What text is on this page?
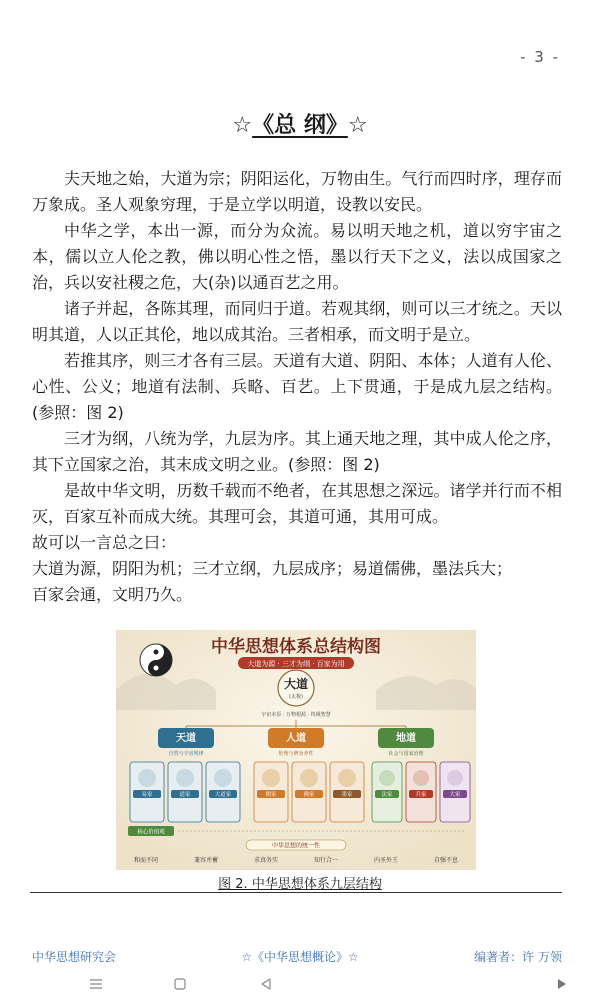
- 3 -
☆《总 纲》☆

夫天地之始，大道为宗；阴阳运化，万物由生。气行而四时序，理存而万象成。圣人观象穷理，于是立学以明道，设教以安民。

中华之学，本出一源，而分为众流。易以明天地之机，道以穷宇宙之本，儒以立人伦之教，佛以明心性之悟，墨以行天下之义，法以成国家之治，兵以安社稷之危，大(杂)以通百艺之用。

诸子并起，各陈其理，而同归于道。若观其纲，则可以三才统之。天以明其道，人以正其伦，地以成其治。三者相承，而文明于是立。

若推其序，则三才各有三层。天道有大道、阴阳、本体；人道有人伦、心性、公义；地道有法制、兵略、百艺。上下贯通，于是成九层之结构。(参照：图 2)

三才为纲，八统为学，九层为序。其上通天地之理，其中成人伦之序，其下立国家之治，其末成文明之业。(参照：图 2)

是故中华文明，历数千载而不绝者，在其思想之深远。诸学并行而不相灭，百家互补而成大统。其理可会，其道可通，其用可成。

故可以一言总之曰：

大道为源，阴阳为机；三才立纲，九层成序；易道儒佛，墨法兵大；

百家会通，文明乃久。

中华思想体系总结构图
大道为源 · 三才为纲 · 百家为用
大道
(太极)
宇宙本原 · 万物根源 · 终极智慧
天道
自然与宇宙规律
人道
伦理与修身养性
地道
社会与国家治理
易家	道家	大道家	儒家	佛家	墨家	法家	兵家	大家
核心价值观
中华思想的统一性
和而不同	兼容并蓄	求真务实	知行合一	内圣外王	自强不息
图 2. 中华思想体系九层结构
中华思想研究会	☆《中华思想概论》☆	编著者：许 万领
